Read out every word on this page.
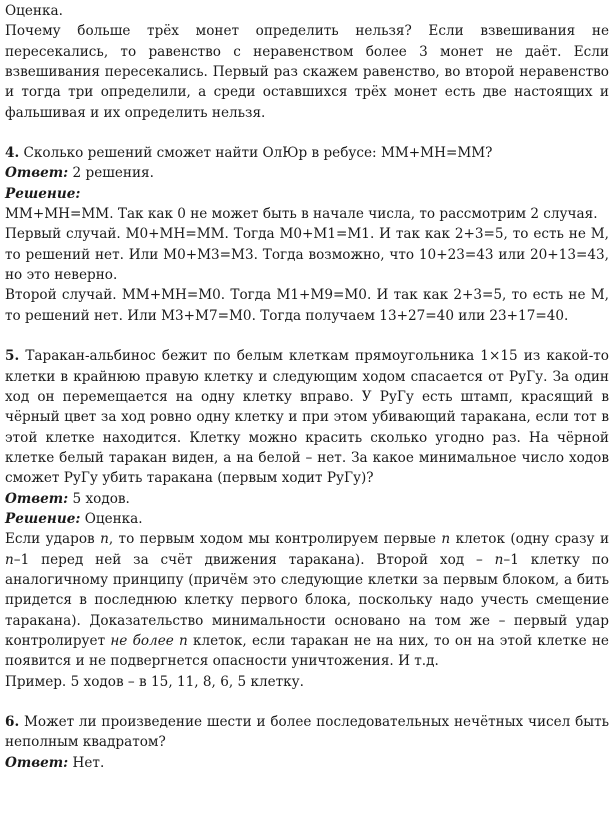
Оценка.

Почему больше трёх монет определить нельзя? Если взвешивания не пересекались, то равенство с неравенством более 3 монет не даёт. Если взвешивания пересекались. Первый раз скажем равенство, во второй неравенство и тогда три определили, а среди оставшихся трёх монет есть две настоящих и фальшивая и их определить нельзя.

4. Сколько решений сможет найти ОлЮр в ребусе: ММ+МН=ММ?

Ответ: 2 решения.

Решение:

ММ+МН=ММ. Так как 0 не может быть в начале числа, то рассмотрим 2 случая.

Первый случай. М0+МН=ММ. Тогда М0+М1=М1. И так как 2+3=5, то есть не М, то решений нет. Или М0+М3=М3. Тогда возможно, что 10+23=43 или 20+13=43, но это неверно.

Второй случай. ММ+МН=М0. Тогда М1+М9=М0. И так как 2+3=5, то есть не М, то решений нет. Или М3+М7=М0. Тогда получаем 13+27=40 или 23+17=40.

5. Таракан-альбинос бежит по белым клеткам прямоугольника 1×15 из какой-то клетки в крайнюю правую клетку и следующим ходом спасается от РуГу. За один ход он перемещается на одну клетку вправо. У РуГу есть штамп, красящий в чёрный цвет за ход ровно одну клетку и при этом убивающий таракана, если тот в этой клетке находится. Клетку можно красить сколько угодно раз. На чёрной клетке белый таракан виден, а на белой – нет. За какое минимальное число ходов сможет РуГу убить таракана (первым ходит РуГу)?

Ответ: 5 ходов.

Решение: Оценка.

Если ударов n, то первым ходом мы контролируем первые n клеток (одну сразу и n–1 перед ней за счёт движения таракана). Второй ход – n–1 клетку по аналогичному принципу (причём это следующие клетки за первым блоком, а бить придется в последнюю клетку первого блока, поскольку надо учесть смещение таракана). Доказательство минимальности основано на том же – первый удар контролирует не более n клеток, если таракан не на них, то он на этой клетке не появится и не подвергнется опасности уничтожения. И т.д.

Пример. 5 ходов – в 15, 11, 8, 6, 5 клетку.

6. Может ли произведение шести и более последовательных нечётных чисел быть неполным квадратом?

Ответ: Нет.
